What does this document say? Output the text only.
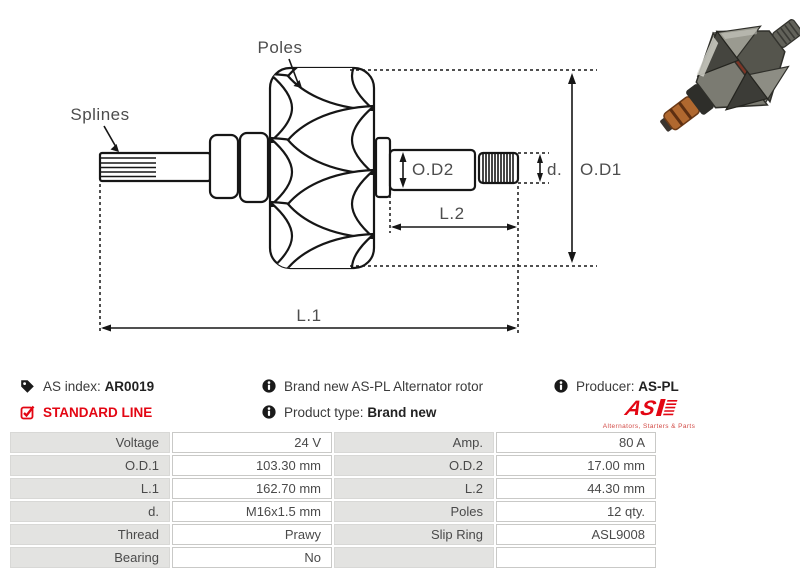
Splines
Poles
O.D2	d. O.D1
L.2
L.1
AS index: AR0019
STANDARD LINE
Brand new AS-PL Alternator rotor
Product type: Brand new
Producer: AS-PL
AS
Alternators, Starters & Parts
Voltage	24 V	Amp.	80 A
O.D.1	103.30 mm	O.D.2	17.00 mm
L.1	162.70 mm	L.2	44.30 mm
d.	M16x1.5 mm	Poles	12 qty.
Thread	Prawy	Slip Ring	ASL9008
Bearing	No		
